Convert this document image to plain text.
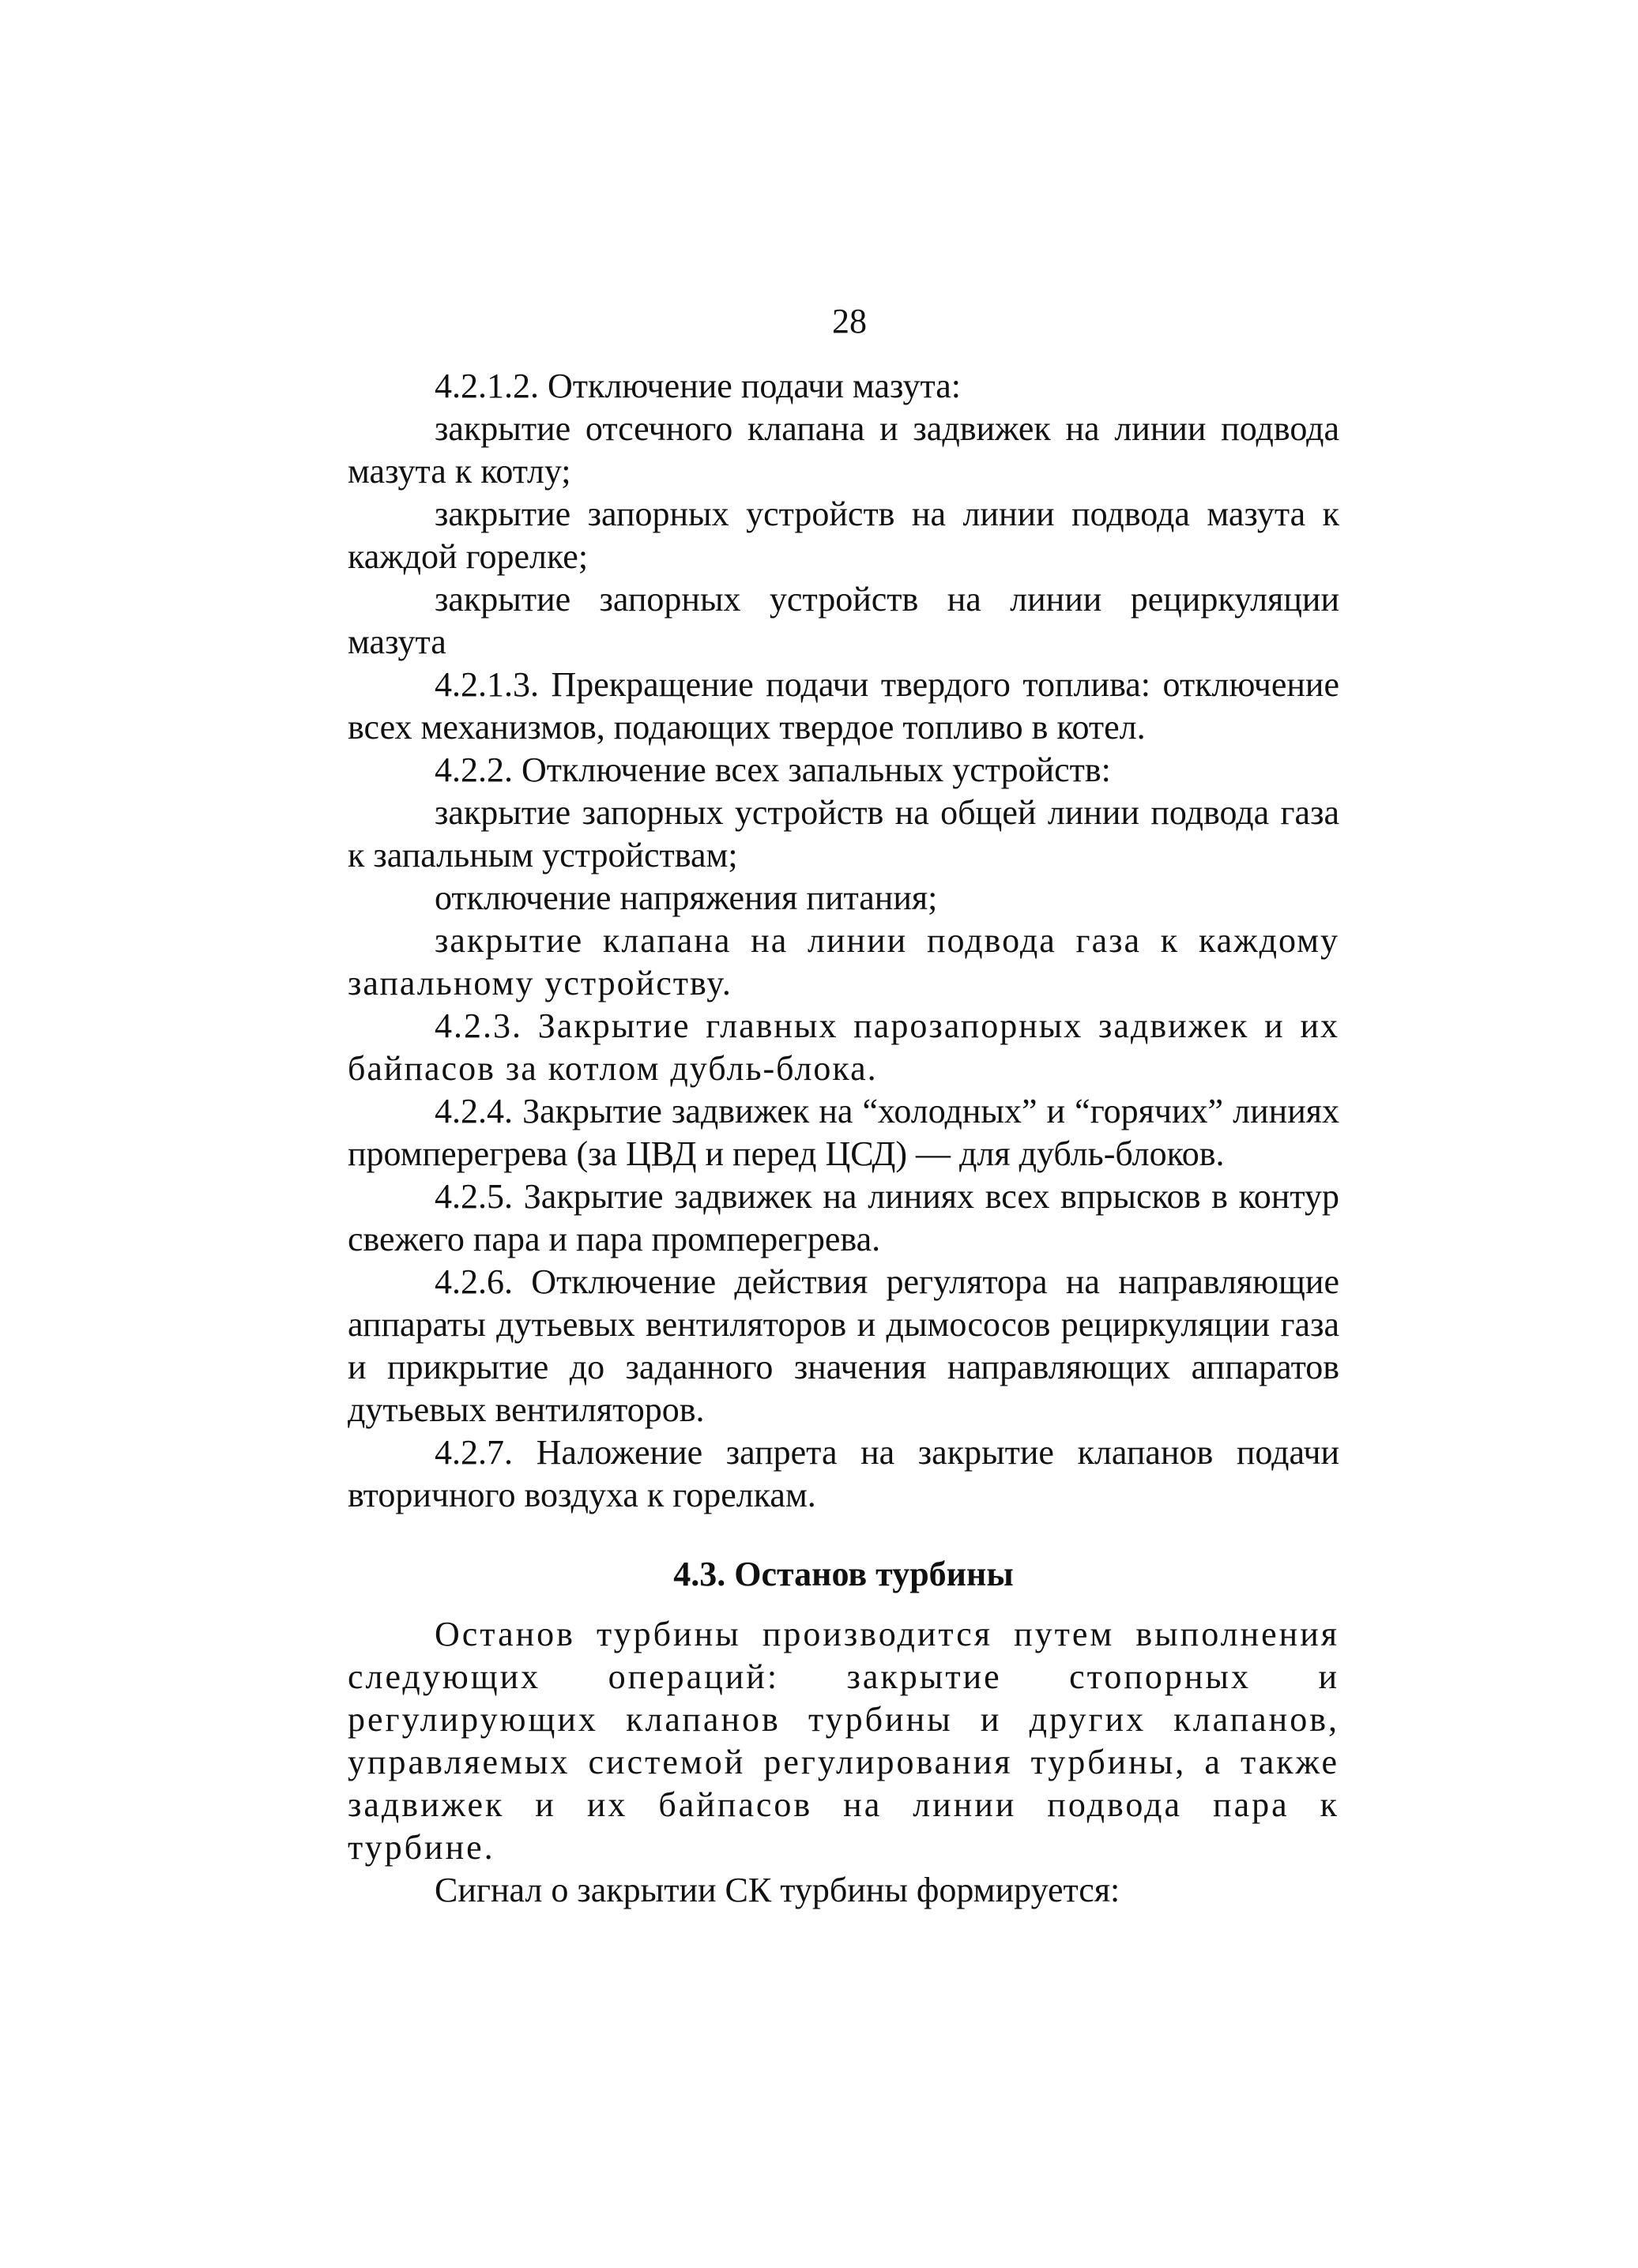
28

4.2.1.2. Отключение подачи мазута:

закрытие отсечного клапана и задвижек на линии подвода мазута к котлу;

закрытие запорных устройств на линии подвода мазута к каждой горелке;

закрытие запорных устройств на линии рециркуляции мазута

4.2.1.3. Прекращение подачи твердого топлива: отключение всех механизмов, подающих твердое топливо в котел.

4.2.2. Отключение всех запальных устройств:

закрытие запорных устройств на общей линии подвода газа к запальным устройствам;

отключение напряжения питания;

закрытие клапана на линии подвода газа к каждому запальному устройству.

4.2.3. Закрытие главных парозапорных задвижек и их байпасов за котлом дубль-блока.

4.2.4. Закрытие задвижек на “холодных” и “горячих” линиях промперегрева (за ЦВД и перед ЦСД) — для дубль-блоков.

4.2.5. Закрытие задвижек на линиях всех впрысков в контур свежего пара и пара промперегрева.

4.2.6. Отключение действия регулятора на направляющие аппараты дутьевых вентиляторов и дымососов рециркуляции газа и прикрытие до заданного значения направляющих аппаратов дутьевых вентиляторов.

4.2.7. Наложение запрета на закрытие клапанов подачи вторичного воздуха к горелкам.

4.3. Останов турбины

Останов турбины производится путем выполнения следующих операций: закрытие стопорных и регулирующих клапанов турбины и других клапанов, управляемых системой регулирования турбины, а также задвижек и их байпасов на линии подвода пара к турбине.

Сигнал о закрытии СК турбины формируется:
